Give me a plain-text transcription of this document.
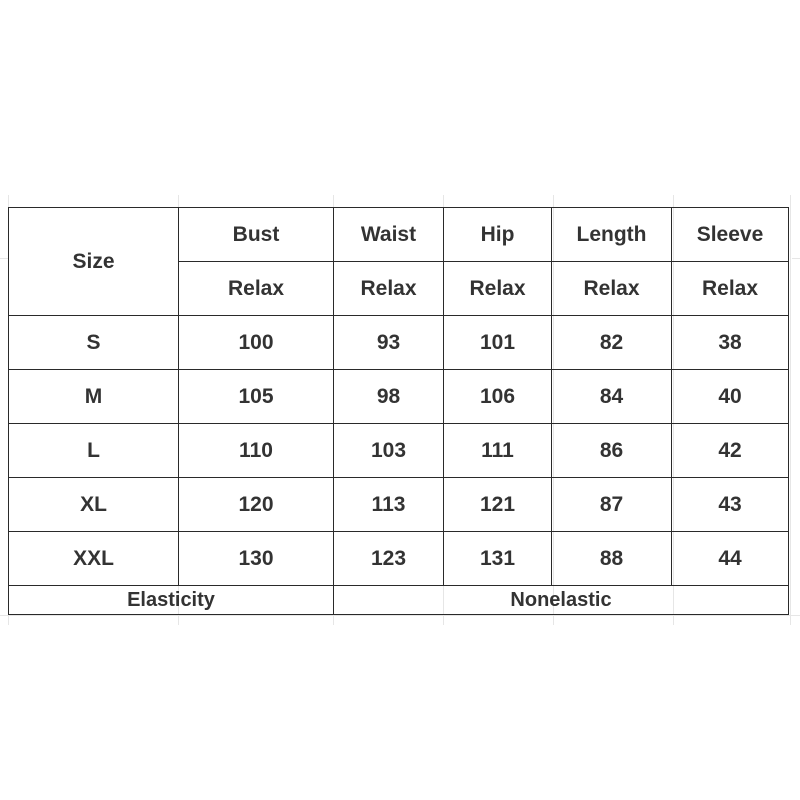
Size	Bust	Waist	Hip	Length	Sleeve
	Relax	Relax	Relax	Relax	Relax
S	100	93	101	82	38
M	105	98	106	84	40
L	110	103	111	86	42
XL	120	113	121	87	43
XXL	130	123	131	88	44
Elasticity		Nonelastic			
